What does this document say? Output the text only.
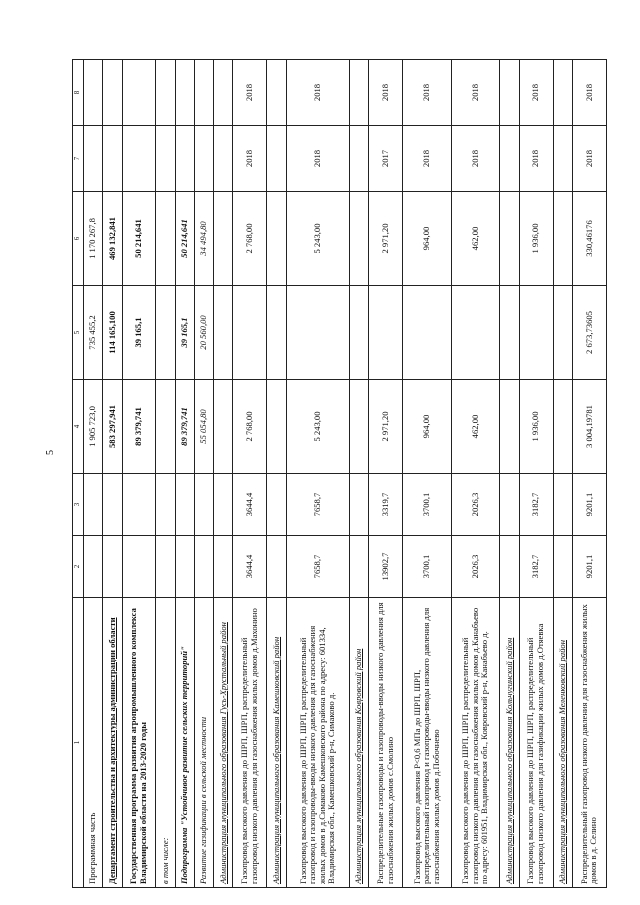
5
1	2	3	4	5	6	7	8
Программная часть			1 905 723,0	735 455,2	1 170 267,8		
Департамент строительства и архитектуры администрации области			583 297,941	114 165,100	469 132,841		
Государственная программа развития агропромышленного комплекса Владимирской области на 2013-2020 годы			89 379,741	39 165,1	50 214,641		
в том числе:							
Подпрограмма "Устойчивое развитие сельских территорий"			89 379,741	39 165,1	50 214,641		
Развитие газификации в сельской местности			55 054,80	20 560,00	34 494,80		
Администрация муниципального образования Гусь-Хрустальный район							
Газопровод высокого давления до ШРП, ШРП, распределительный газопровод низкого давления для газоснабжения жилых домов д.Махонино	3644,4	3644,4	2 768,00		2 768,00	2018	2018
Администрация муниципального образования Камешковский район							
Газопровод высокого давления до ШРП, ШРП, распределительный газопровод и газопроводы-вводы низкого давления для газоснабжения жилых домов в д.Симаково Камешковского района по адресу: 601334, Владимирская обл., Камешковский р-н, Симаково д.	7658,7	7658,7	5 243,00		5 243,00	2018	2018
Администрация муниципального образования Ковровский район							
Распределительные газопроводы и газопроводы-вводы низкого давления для газоснабжения жилых домов с.Смолино	13902,7	3319,7	2 971,20		2 971,20	2017	2018
Газопровод высокого давления Р<0,6 МПа до ШРП, ШРП, распределительный газопровод и газопроводы-вводы низкого давления для газоснабжения жилых домов д.Побочнево	3700,1	3700,1	964,00		964,00	2018	2018
Газопровод высокого давления до ШРП, ШРП, распределительный газопровод низкого давления для газоснабжения жилых домов д.Канабьево по адресу: 601951, Владимирская обл., Ковровский р-н, Канабьево д.	2026,3	2026,3	462,00		462,00	2018	2018
Администрация муниципального образования Кольчугинский район							
Газопровод высокого давления до ШРП, ШРП, распределительный газопровод низкого давления для газификации жилых домов д.Отяевка	3182,7	3182,7	1 936,00		1 936,00	2018	2018
Администрация муниципального образования Меленковский район							
Распределительный газопровод низкого давления для газоснабжения жилых домов в д. Селино	9201,1	9201,1	3 004,19781	2 673,73605	330,46176	2018	2018
